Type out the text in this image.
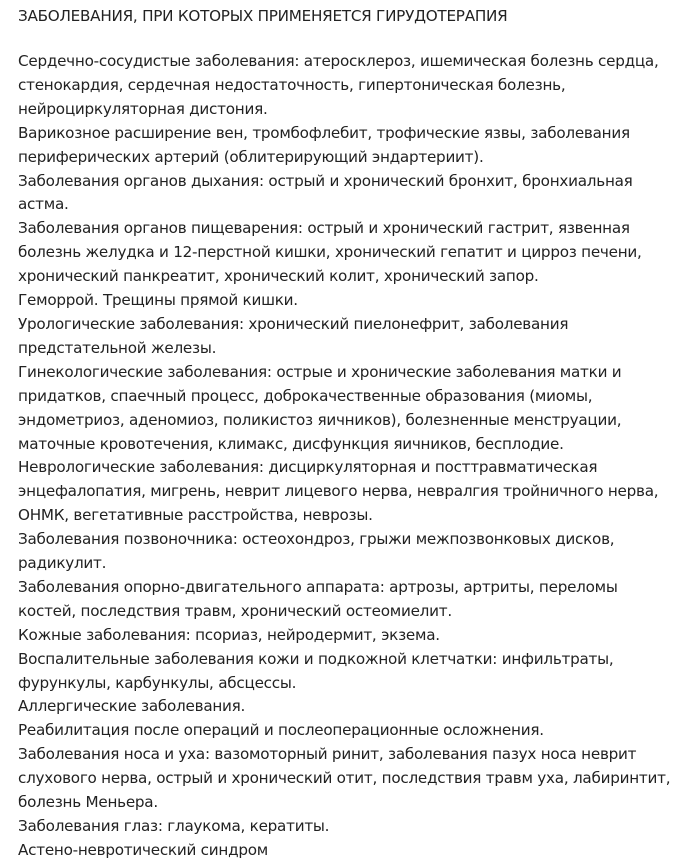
ЗАБОЛЕВАНИЯ, ПРИ КОТОРЫХ ПРИМЕНЯЕТСЯ ГИРУДОТЕРАПИЯ
Сердечно-сосудистые заболевания: атеросклероз, ишемическая болезнь сердца, стенокардия, сердечная недостаточность, гипертоническая болезнь, нейроциркуляторная дистония.
Варикозное расширение вен, тромбофлебит, трофические язвы, заболевания периферических артерий (облитерирующий эндартериит).
Заболевания органов дыхания: острый и хронический бронхит, бронхиальная астма.
Заболевания органов пищеварения: острый и хронический гастрит, язвенная болезнь желудка и 12-перстной кишки, хронический гепатит и цирроз печени, хронический панкреатит, хронический колит, хронический запор.
Геморрой. Трещины прямой кишки.
Урологические заболевания: хронический пиелонефрит, заболевания предстательной железы.
Гинекологические заболевания: острые и хронические заболевания матки и придатков, спаечный процесс, доброкачественные образования (миомы, эндометриоз, аденомиоз, поликистоз яичников), болезненные менструации, маточные кровотечения, климакс, дисфункция яичников, бесплодие.
Неврологические заболевания: дисциркуляторная и посттравматическая энцефалопатия, мигрень, неврит лицевого нерва, невралгия тройничного нерва, ОНМК, вегетативные расстройства, неврозы.
Заболевания позвоночника: остеохондроз, грыжи межпозвонковых дисков, радикулит.
Заболевания опорно-двигательного аппарата: артрозы, артриты, переломы костей, последствия травм, хронический остеомиелит.
Кожные заболевания: псориаз, нейродермит, экзема.
Воспалительные заболевания кожи и подкожной клетчатки: инфильтраты, фурункулы, карбункулы, абсцессы.
Аллергические заболевания.
Реабилитация после операций и послеоперационные осложнения.
Заболевания носа и уха: вазомоторный ринит, заболевания пазух носа неврит слухового нерва, острый и хронический отит, последствия травм уха, лабиринтит, болезнь Меньера.
Заболевания глаз: глаукома, кератиты.
Астено-невротический синдром
